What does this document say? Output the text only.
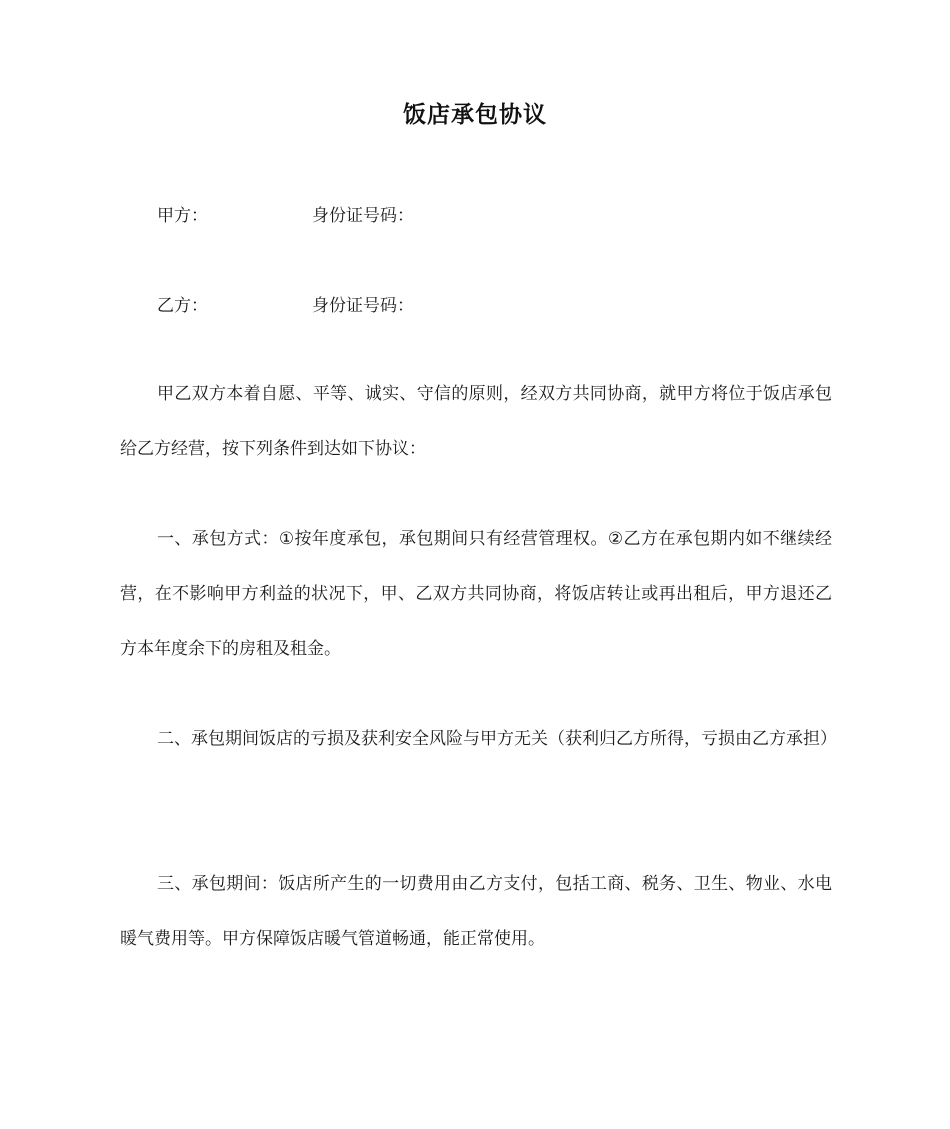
饭店承包协议
甲方：	身份证号码：
乙方：	身份证号码：

甲乙双方本着自愿、平等、诚实、守信的原则，经双方共同协商，就甲方将位于饭店承包给乙方经营，按下列条件到达如下协议：

一、承包方式：①按年度承包，承包期间只有经营管理权。②乙方在承包期内如不继续经营，在不影响甲方利益的状况下，甲、乙双方共同协商，将饭店转让或再出租后，甲方退还乙方本年度余下的房租及租金。

二、承包期间饭店的亏损及获利安全风险与甲方无关（获利归乙方所得，亏损由乙方承担）

三、承包期间：饭店所产生的一切费用由乙方支付，包括工商、税务、卫生、物业、水电暖气费用等。甲方保障饭店暖气管道畅通，能正常使用。
